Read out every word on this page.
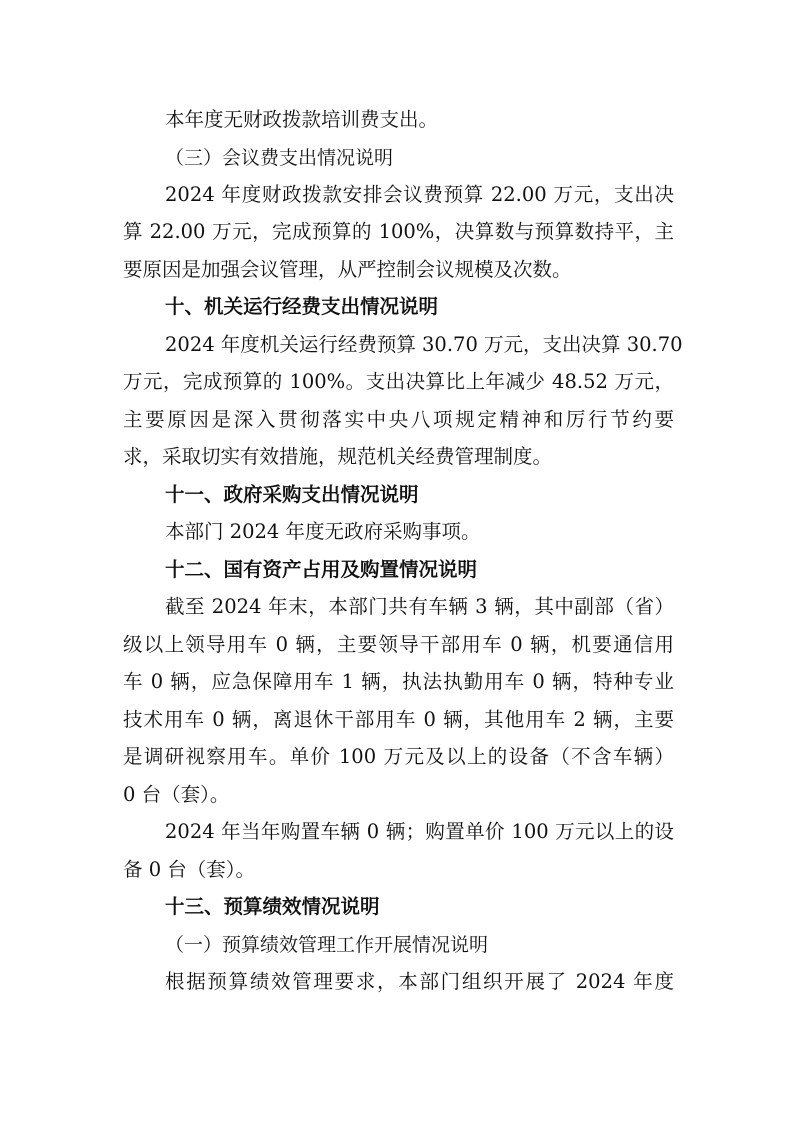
本年度无财政拨款培训费支出。
（三）会议费支出情况说明
2024 年度财政拨款安排会议费预算 22.00 万元，支出决
算 22.00 万元，完成预算的 100%，决算数与预算数持平，主
要原因是加强会议管理，从严控制会议规模及次数。
十、机关运行经费支出情况说明
2024 年度机关运行经费预算 30.70 万元，支出决算 30.70
万元，完成预算的 100%。支出决算比上年减少 48.52 万元，
主要原因是深入贯彻落实中央八项规定精神和厉行节约要
求，采取切实有效措施，规范机关经费管理制度。
十一、政府采购支出情况说明
本部门 2024 年度无政府采购事项。
十二、国有资产占用及购置情况说明
截至 2024 年末，本部门共有车辆 3 辆，其中副部（省）
级以上领导用车 0 辆，主要领导干部用车 0 辆，机要通信用
车 0 辆，应急保障用车 1 辆，执法执勤用车 0 辆，特种专业
技术用车 0 辆，离退休干部用车 0 辆，其他用车 2 辆，主要
是调研视察用车。单价 100 万元及以上的设备（不含车辆）
0 台（套）。
2024 年当年购置车辆 0 辆；购置单价 100 万元以上的设
备 0 台（套）。
十三、预算绩效情况说明
（一）预算绩效管理工作开展情况说明
根据预算绩效管理要求，本部门组织开展了 2024 年度
